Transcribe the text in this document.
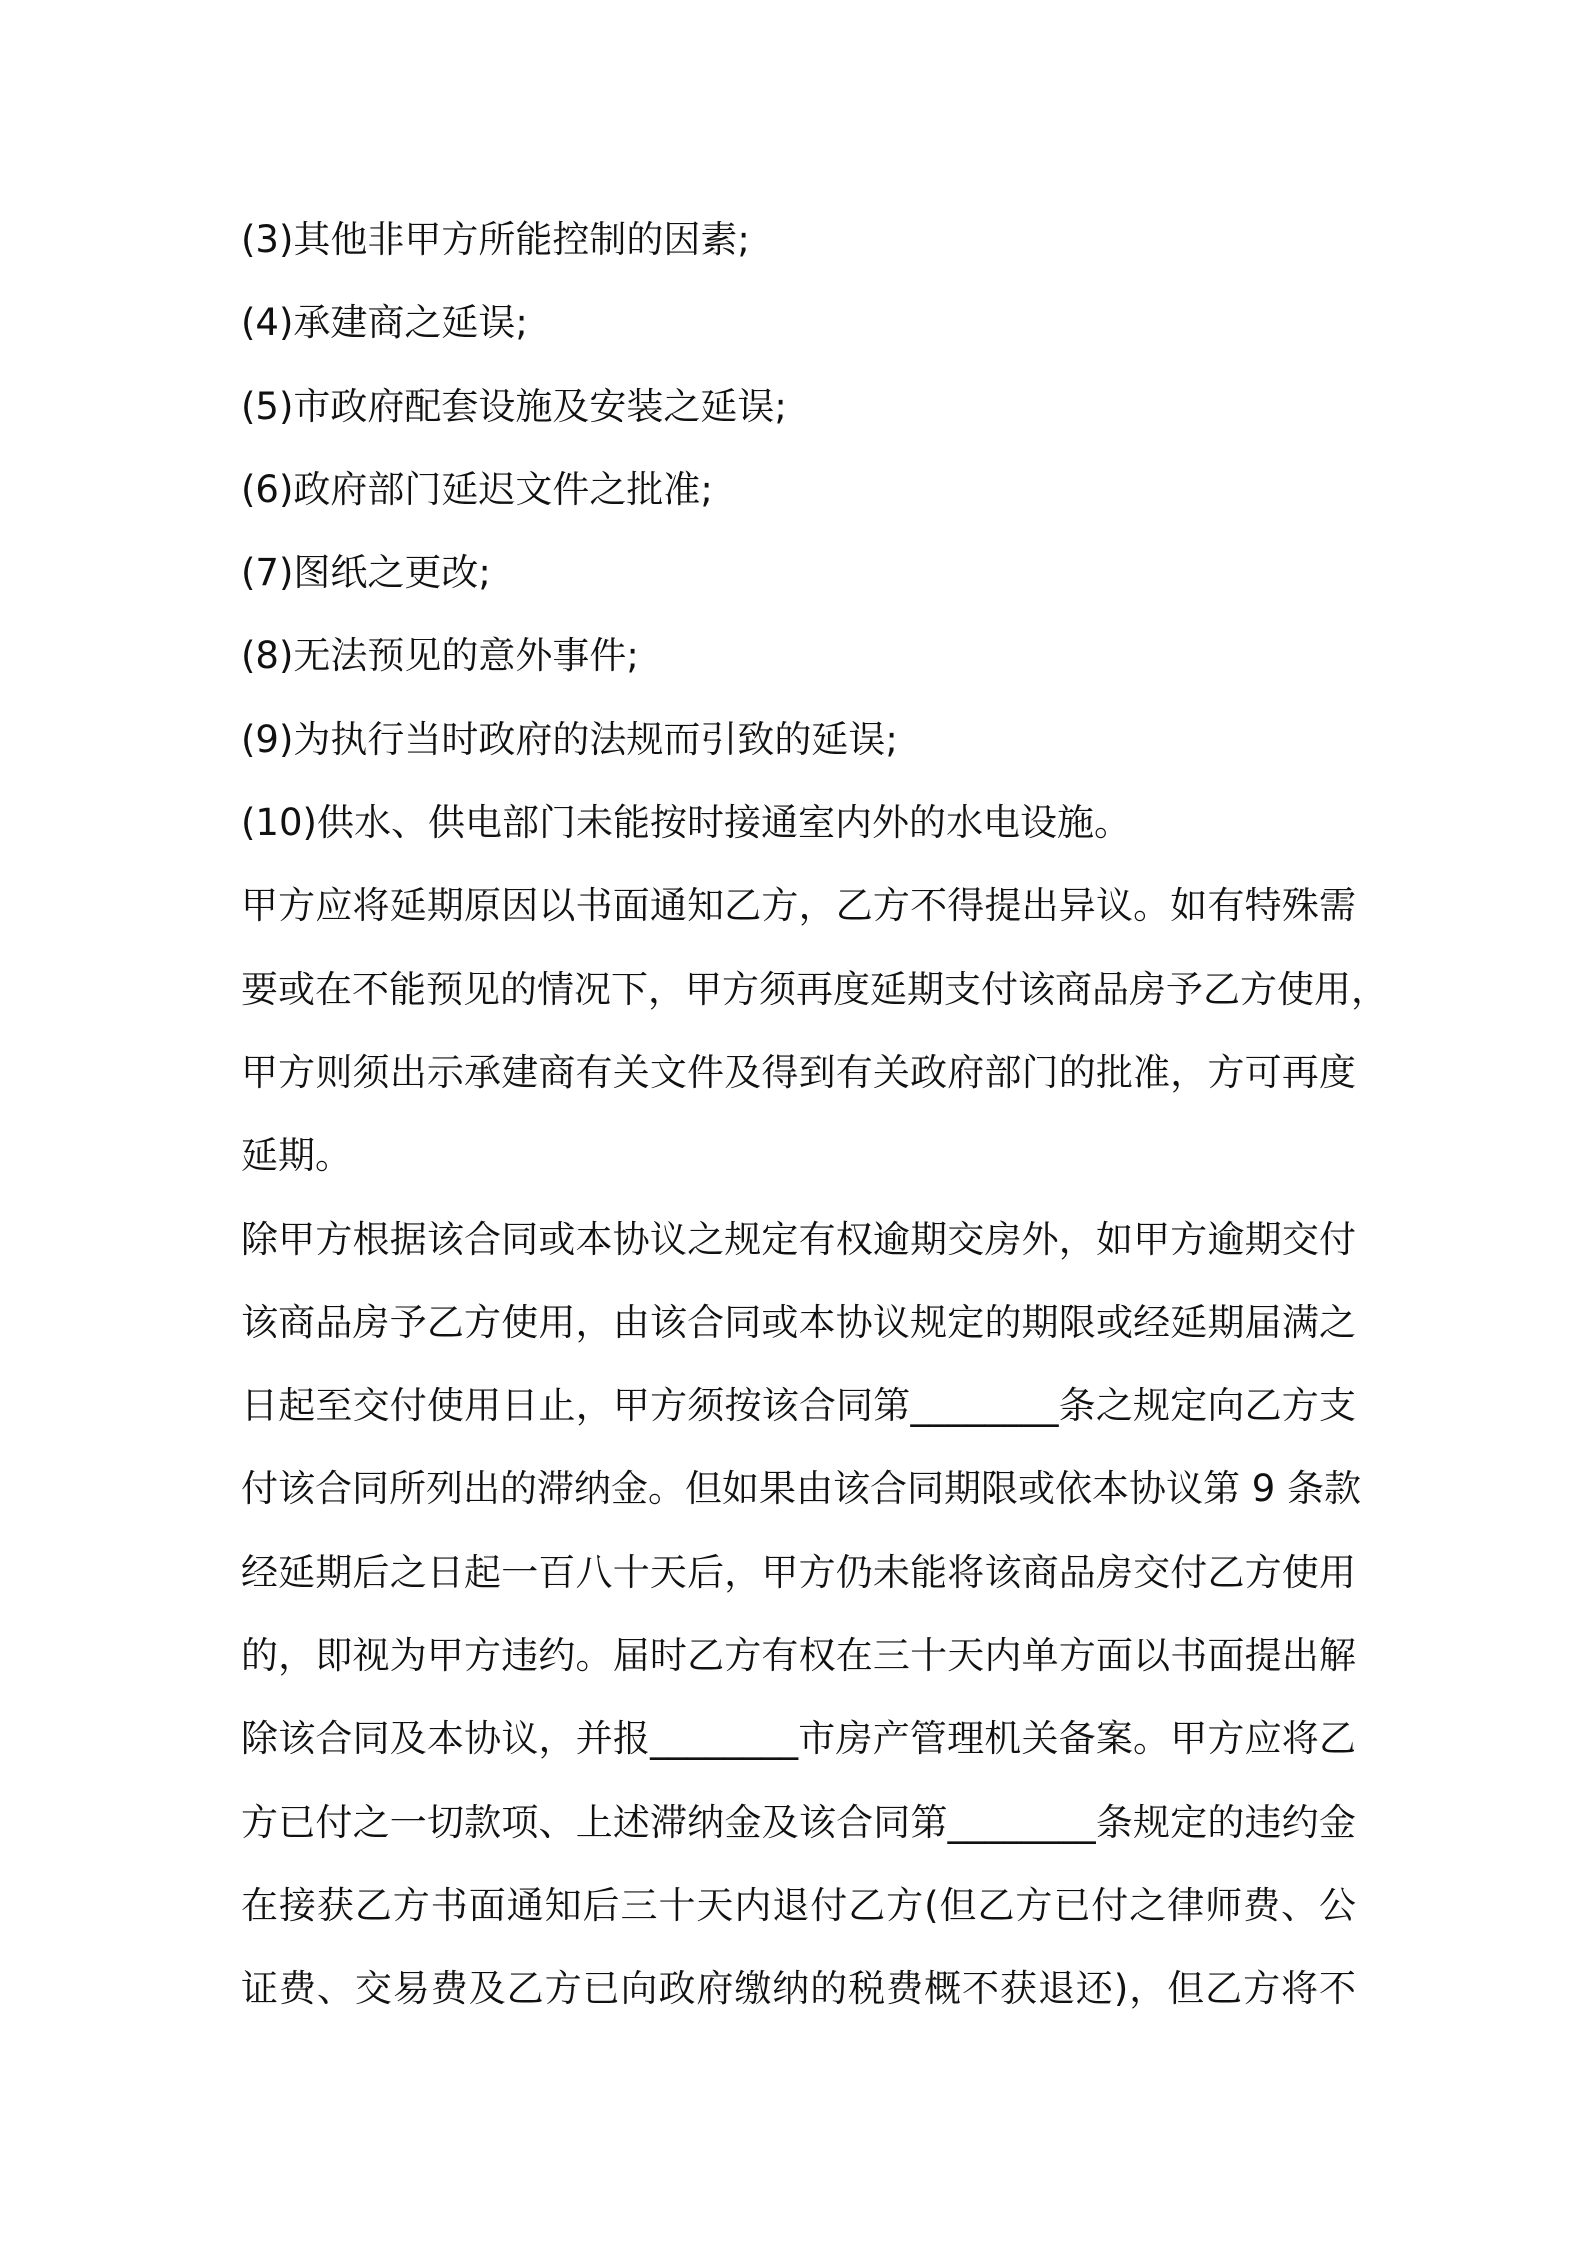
(3)其他非甲方所能控制的因素;
(4)承建商之延误;
(5)市政府配套设施及安装之延误;
(6)政府部门延迟文件之批准;
(7)图纸之更改;
(8)无法预见的意外事件;
(9)为执行当时政府的法规而引致的延误;
(10)供水、供电部门未能按时接通室内外的水电设施。
甲方应将延期原因以书面通知乙方，乙方不得提出异议。如有特殊需
要或在不能预见的情况下，甲方须再度延期支付该商品房予乙方使用，
甲方则须出示承建商有关文件及得到有关政府部门的批准，方可再度
延期。
除甲方根据该合同或本协议之规定有权逾期交房外，如甲方逾期交付
该商品房予乙方使用，由该合同或本协议规定的期限或经延期届满之
日起至交付使用日止，甲方须按该合同第________条之规定向乙方支
付该合同所列出的滞纳金。但如果由该合同期限或依本协议第 9 条款
经延期后之日起一百八十天后，甲方仍未能将该商品房交付乙方使用
的，即视为甲方违约。届时乙方有权在三十天内单方面以书面提出解
除该合同及本协议，并报________市房产管理机关备案。甲方应将乙
方已付之一切款项、上述滞纳金及该合同第________条规定的违约金
在接获乙方书面通知后三十天内退付乙方(但乙方已付之律师费、公
证费、交易费及乙方已向政府缴纳的税费概不获退还)，但乙方将不
